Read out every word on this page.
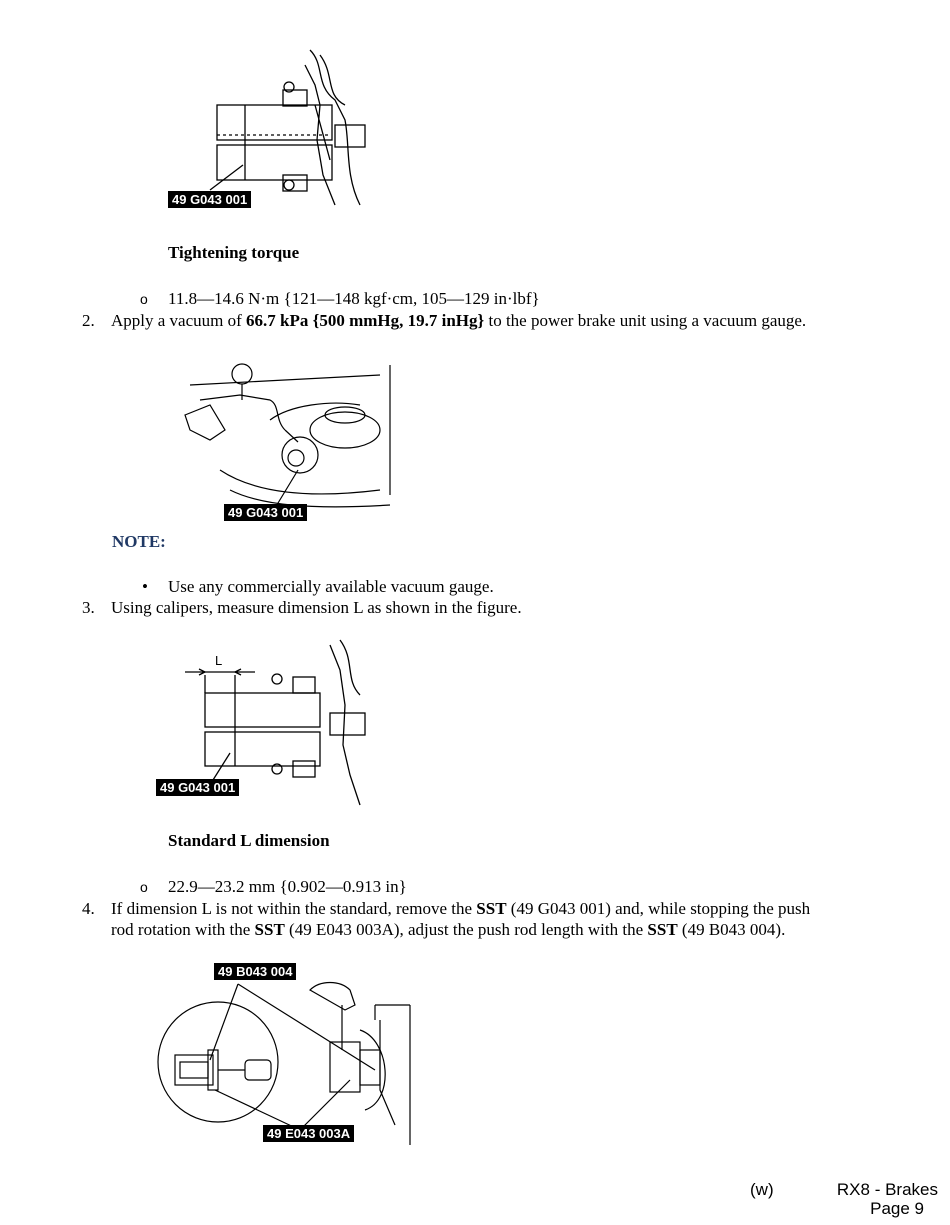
49 G043 001
Tightening torque
o 11.8—14.6 N·m {121—148 kgf·cm, 105—129 in·lbf}
2. Apply a vacuum of 66.7 kPa {500 mmHg, 19.7 inHg} to the power brake unit using a vacuum gauge.
49 G043 001
NOTE:
• Use any commercially available vacuum gauge.
3. Using calipers, measure dimension L as shown in the figure.
L
49 G043 001
Standard L dimension
o 22.9—23.2 mm {0.902—0.913 in}
4. If dimension L is not within the standard, remove the SST (49 G043 001) and, while stopping the push
rod rotation with the SST (49 E043 003A), adjust the push rod length with the SST (49 B043 004).
49 B043 004
49 E043 003A
(w)	RX8 - Brakes
Page 9
